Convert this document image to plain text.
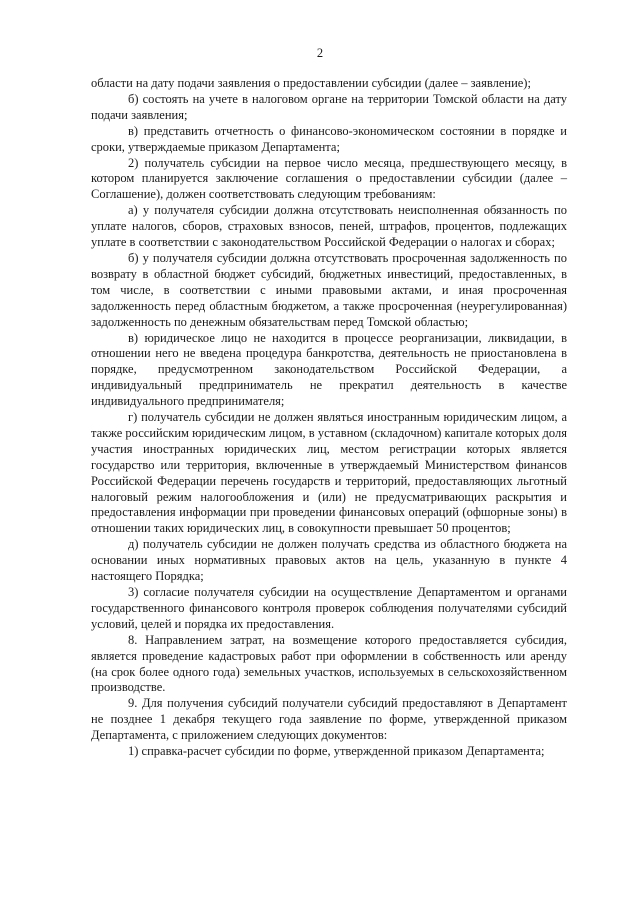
2

области на дату подачи заявления о предоставлении субсидии (далее – заявление);

б) состоять на учете в налоговом органе на территории Томской области на дату подачи заявления;

в) представить отчетность о финансово-экономическом состоянии в порядке и сроки, утверждаемые приказом Департамента;

2) получатель субсидии на первое число месяца, предшествующего месяцу, в котором планируется заключение соглашения о предоставлении субсидии (далее – Соглашение), должен соответствовать следующим требованиям:

а) у получателя субсидии должна отсутствовать неисполненная обязанность по уплате налогов, сборов, страховых взносов, пеней, штрафов, процентов, подлежащих уплате в соответствии с законодательством Российской Федерации о налогах и сборах;

б) у получателя субсидии должна отсутствовать просроченная задолженность по возврату в областной бюджет субсидий, бюджетных инвестиций, предоставленных, в том числе, в соответствии с иными правовыми актами, и иная просроченная задолженность перед областным бюджетом, а также просроченная (неурегулированная) задолженность по денежным обязательствам перед Томской областью;

в) юридическое лицо не находится в процессе реорганизации, ликвидации, в отношении него не введена процедура банкротства, деятельность не приостановлена в порядке, предусмотренном законодательством Российской Федерации, а индивидуальный предприниматель не прекратил деятельность в качестве индивидуального предпринимателя;

г) получатель субсидии не должен являться иностранным юридическим лицом, а также российским юридическим лицом, в уставном (складочном) капитале которых доля участия иностранных юридических лиц, местом регистрации которых является государство или территория, включенные в утверждаемый Министерством финансов Российской Федерации перечень государств и территорий, предоставляющих льготный налоговый режим налогообложения и (или) не предусматривающих раскрытия и предоставления информации при проведении финансовых операций (офшорные зоны) в отношении таких юридических лиц, в совокупности превышает 50 процентов;

д) получатель субсидии не должен получать средства из областного бюджета на основании иных нормативных правовых актов на цель, указанную в пункте 4 настоящего Порядка;

3) согласие получателя субсидии на осуществление Департаментом и органами государственного финансового контроля проверок соблюдения получателями субсидий условий, целей и порядка их предоставления.

8. Направлением затрат, на возмещение которого предоставляется субсидия, является проведение кадастровых работ при оформлении в собственность или аренду (на срок более одного года) земельных участков, используемых в сельскохозяйственном производстве.

9. Для получения субсидий получатели субсидий предоставляют в Департамент не позднее 1 декабря текущего года заявление по форме, утвержденной приказом Департамента, с приложением следующих документов:

1) справка-расчет субсидии по форме, утвержденной приказом Департамента;
